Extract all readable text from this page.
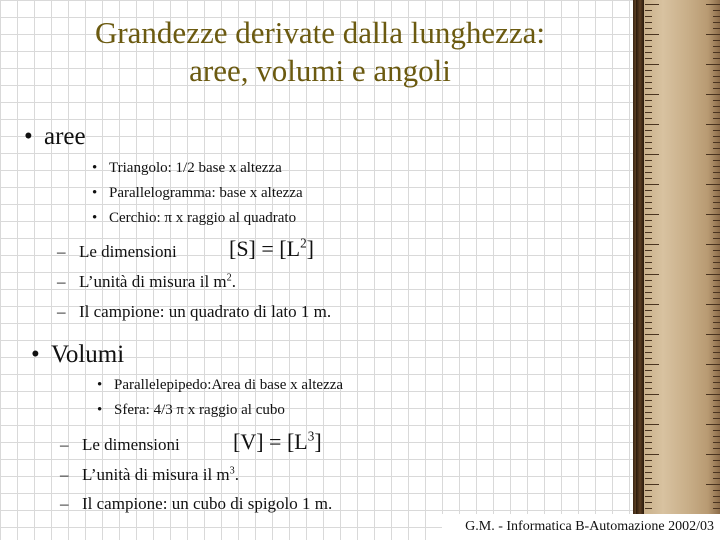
Grandezze derivate dalla lunghezza:
aree, volumi e angoli
• aree
• Triangolo: 1/2 base x altezza
• Parallelogramma: base x altezza
• Cerchio: π x raggio al quadrato
– Le dimensioni $[S] = [L^2]$
– L’unità di misura il $m^2$.
– Il campione: un quadrato di lato 1 m.
• Volumi
• Parallelepipedo:Area di base x altezza
• Sfera: 4/3 π x raggio al cubo
– Le dimensioni $[V] = [L^3]$
– L’unità di misura il $m^3$.
– Il campione: un cubo di spigolo 1 m.
G.M. - Informatica B-Automazione 2002/03
